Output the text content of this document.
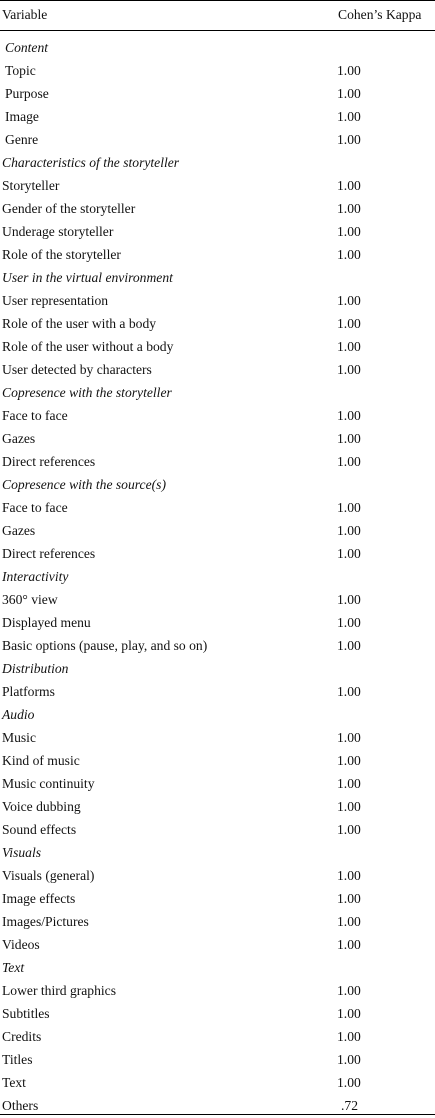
Variable	Cohen’s Kappa
Content
Topic	1.00
Purpose	1.00
Image	1.00
Genre	1.00
Characteristics of the storyteller
Storyteller	1.00
Gender of the storyteller	1.00
Underage storyteller	1.00
Role of the storyteller	1.00
User in the virtual environment
User representation	1.00
Role of the user with a body	1.00
Role of the user without a body	1.00
User detected by characters	1.00
Copresence with the storyteller
Face to face	1.00
Gazes	1.00
Direct references	1.00
Copresence with the source(s)
Face to face	1.00
Gazes	1.00
Direct references	1.00
Interactivity
360° view	1.00
Displayed menu	1.00
Basic options (pause, play, and so on)	1.00
Distribution
Platforms	1.00
Audio
Music	1.00
Kind of music	1.00
Music continuity	1.00
Voice dubbing	1.00
Sound effects	1.00
Visuals
Visuals (general)	1.00
Image effects	1.00
Images/Pictures	1.00
Videos	1.00
Text
Lower third graphics	1.00
Subtitles	1.00
Credits	1.00
Titles	1.00
Text	1.00
Others	.72
